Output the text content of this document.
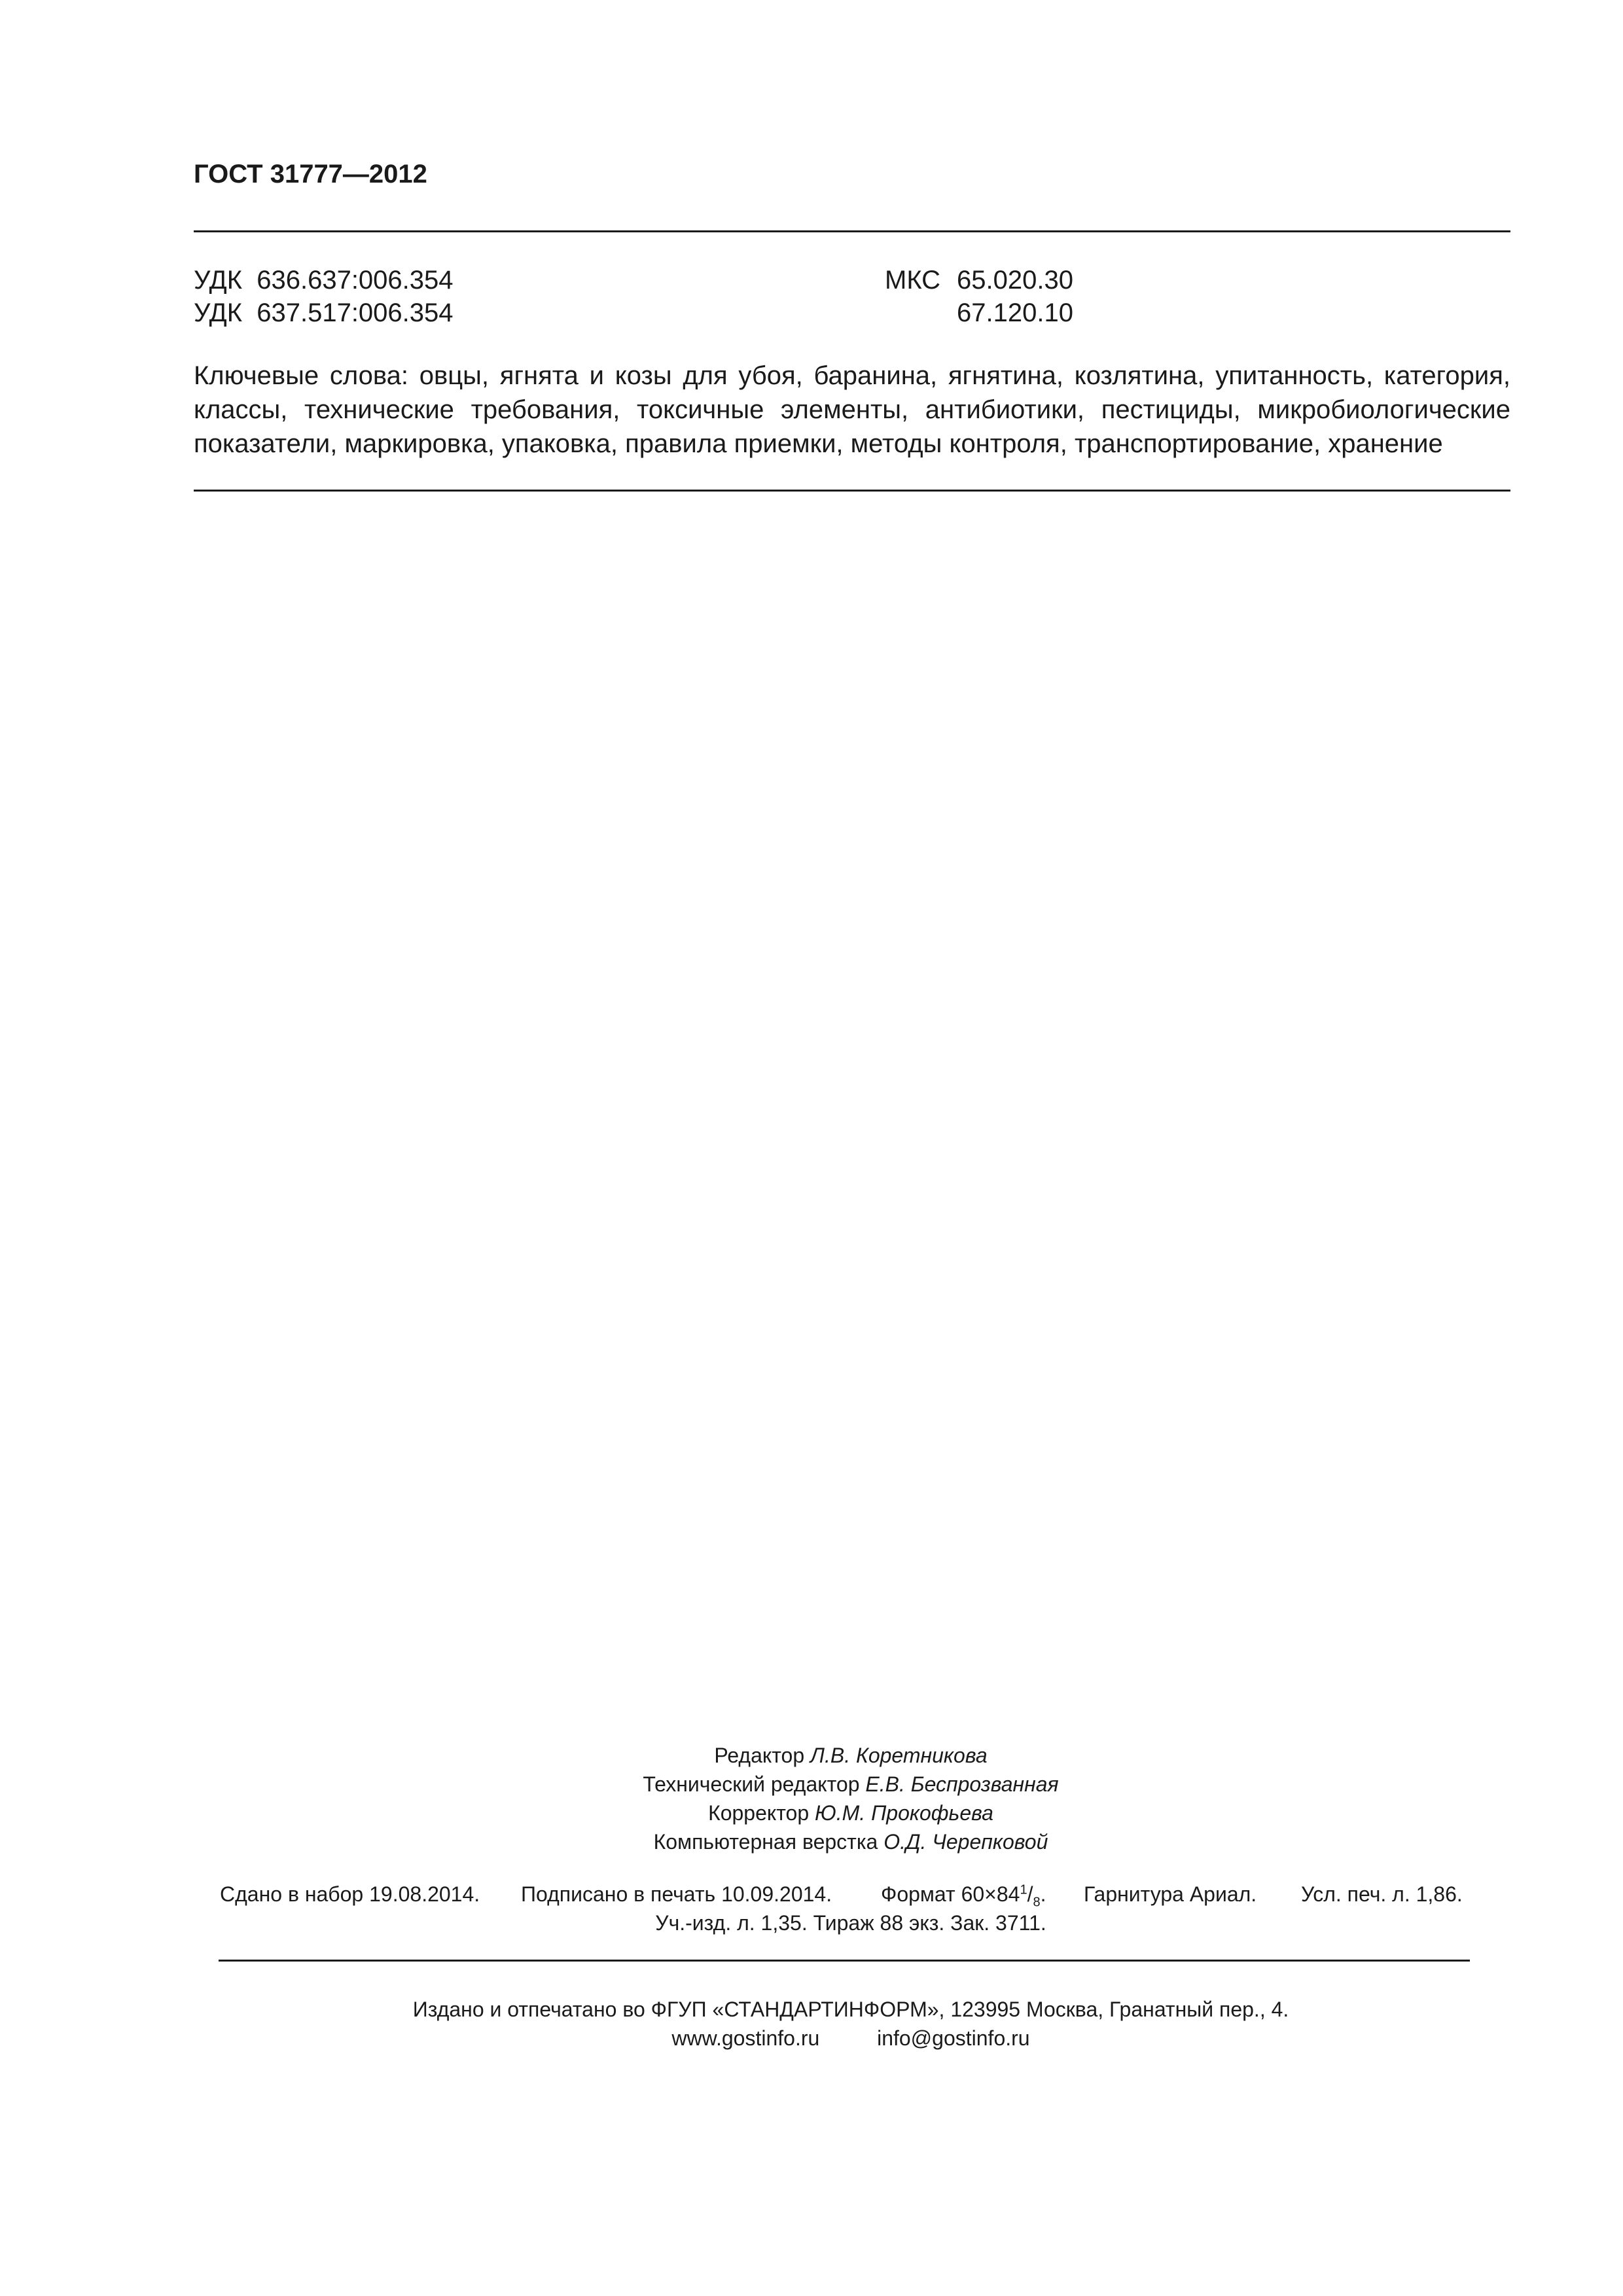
ГОСТ 31777—2012
УДК  636.637:006.354
УДК  637.517:006.354
МКС 65.020.30
67.120.10
Ключевые слова: овцы, ягнята и козы для убоя, баранина, ягнятина, козлятина, упитанность, категория, классы, технические требования, токсичные элементы, антибиотики, пестициды, микробиологические показатели, маркировка, упаковка, правила приемки, методы контроля, транспортирование, хранение
Редактор Л.В. Коретникова
Технический редактор Е.В. Беспрозванная
Корректор Ю.М. Прокофьева
Компьютерная верстка О.Д. Черепковой
Сдано в набор 19.08.2014. Подписано в печать 10.09.2014. Формат $60\times 84^1/_8$. Гарнитура Ариал. Усл. печ. л. 1,86.
Уч.-изд. л. 1,35. Тираж 88 экз. Зак. 3711.
Издано и отпечатано во ФГУП «СТАНДАРТИНФОРМ», 123995 Москва, Гранатный пер., 4.
www.gostinfo.ru	info@gostinfo.ru
